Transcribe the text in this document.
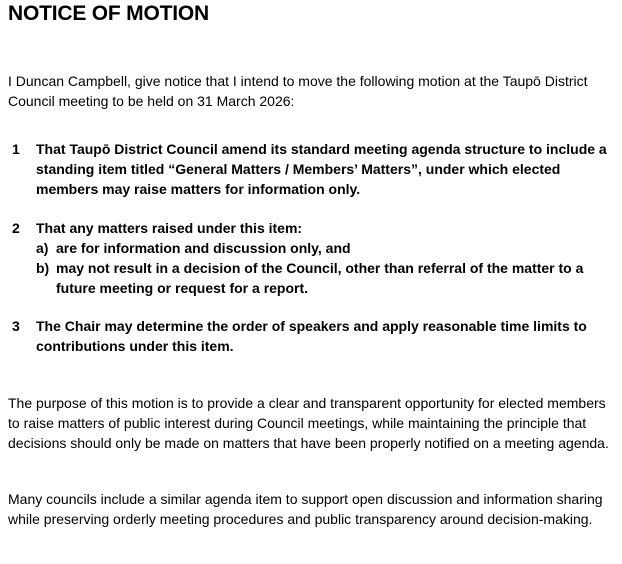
NOTICE OF MOTION

I Duncan Campbell, give notice that I intend to move the following motion at the Taupō District Council meeting to be held on 31 March 2026:

1	That Taupō District Council amend its standard meeting agenda structure to include a standing item titled “General Matters / Members’ Matters”, under which elected members may raise matters for information only.
2	That any matters raised under this item:
a) are for information and discussion only, and
b) may not result in a decision of the Council, other than referral of the matter to a future meeting or request for a report.
3	The Chair may determine the order of speakers and apply reasonable time limits to contributions under this item.

The purpose of this motion is to provide a clear and transparent opportunity for elected members to raise matters of public interest during Council meetings, while maintaining the principle that decisions should only be made on matters that have been properly notified on a meeting agenda.

Many councils include a similar agenda item to support open discussion and information sharing while preserving orderly meeting procedures and public transparency around decision-making.
